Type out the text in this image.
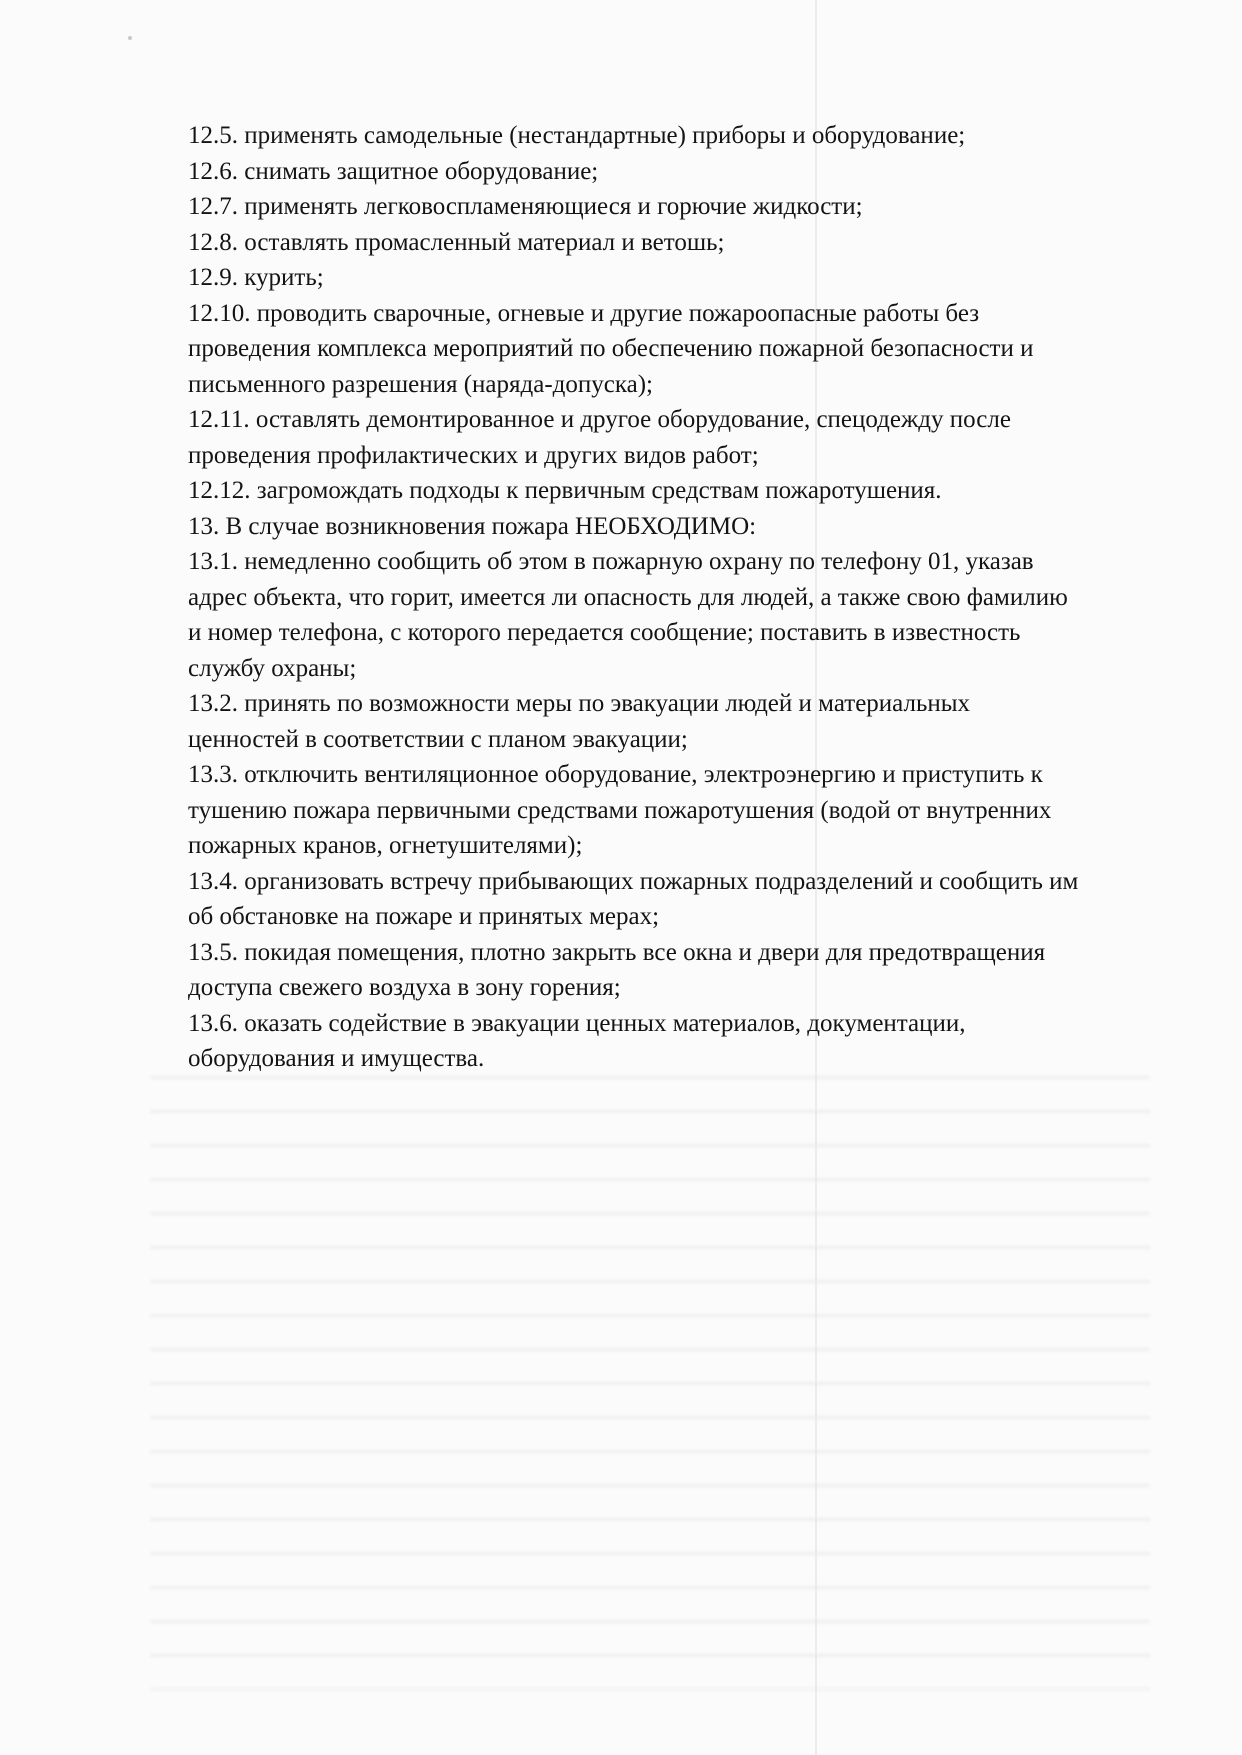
12.5. применять самодельные (нестандартные) приборы и оборудование;

12.6. снимать защитное оборудование;

12.7. применять легковоспламеняющиеся и горючие жидкости;

12.8. оставлять промасленный материал и ветошь;

12.9. курить;

12.10. проводить сварочные, огневые и другие пожароопасные работы без

проведения комплекса мероприятий по обеспечению пожарной безопасности и

письменного разрешения (наряда-допуска);

12.11. оставлять демонтированное и другое оборудование, спецодежду после

проведения профилактических и других видов работ;

12.12. загромождать подходы к первичным средствам пожаротушения.

13. В случае возникновения пожара НЕОБХОДИМО:

13.1. немедленно сообщить об этом в пожарную охрану по телефону 01, указав

адрес объекта, что горит, имеется ли опасность для людей, а также свою фамилию

и номер телефона, с которого передается сообщение; поставить в известность

службу охраны;

13.2. принять по возможности меры по эвакуации людей и материальных

ценностей в соответствии с планом эвакуации;

13.3. отключить вентиляционное оборудование, электроэнергию и приступить к

тушению пожара первичными средствами пожаротушения (водой от внутренних

пожарных кранов, огнетушителями);

13.4. организовать встречу прибывающих пожарных подразделений и сообщить им

об обстановке на пожаре и принятых мерах;

13.5. покидая помещения, плотно закрыть все окна и двери для предотвращения

доступа свежего воздуха в зону горения;

13.6. оказать содействие в эвакуации ценных материалов, документации,

оборудования и имущества.
